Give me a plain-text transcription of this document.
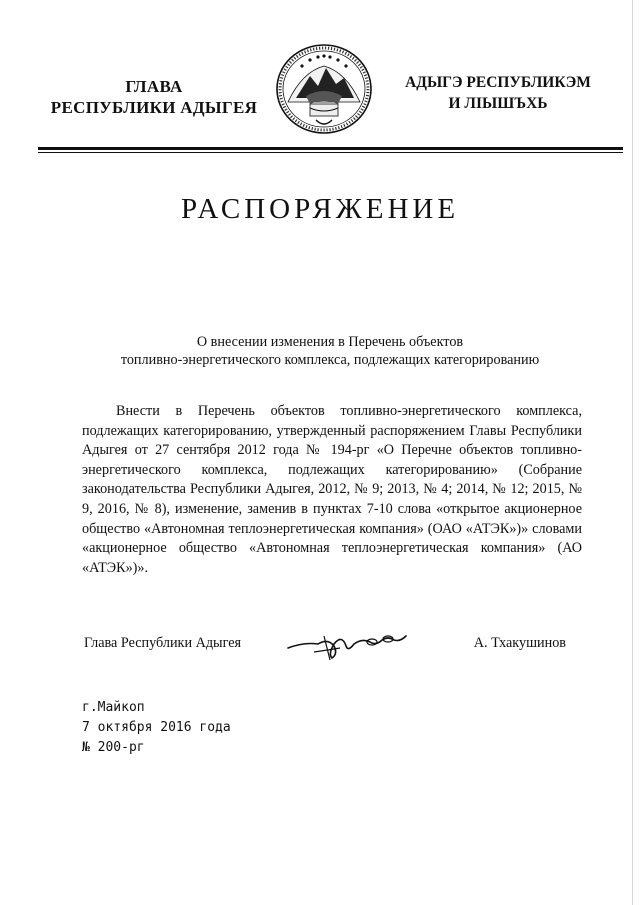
ГЛАВА
РЕСПУБЛИКИ АДЫГЕЯ
АДЫГЭ РЕСПУБЛИКЭМ
И ЛІЫШЪХЬ
РАСПОРЯЖЕНИЕ
О внесении изменения в Перечень объектов
топливно-энергетического комплекса, подлежащих категорированию
Внести в Перечень объектов топливно-энергетического комплекса, подлежащих категорированию, утвержденный распоряжением Главы Республики Адыгея от 27 сентября 2012 года № 194-рг «О Перечне объектов топливно-энергетического комплекса, подлежащих категорированию» (Собрание законодательства Республики Адыгея, 2012, № 9; 2013, № 4; 2014, № 12; 2015, № 9, 2016, № 8), изменение, заменив в пунктах 7-10 слова «открытое акционерное общество «Автономная теплоэнергетическая компания» (ОАО «АТЭК»)» словами «акционерное общество «Автономная теплоэнергетическая компания» (АО «АТЭК»)».
Глава Республики Адыгея	А. Тхакушинов
г.Майкоп
7 октября 2016 года
№ 200-рг
